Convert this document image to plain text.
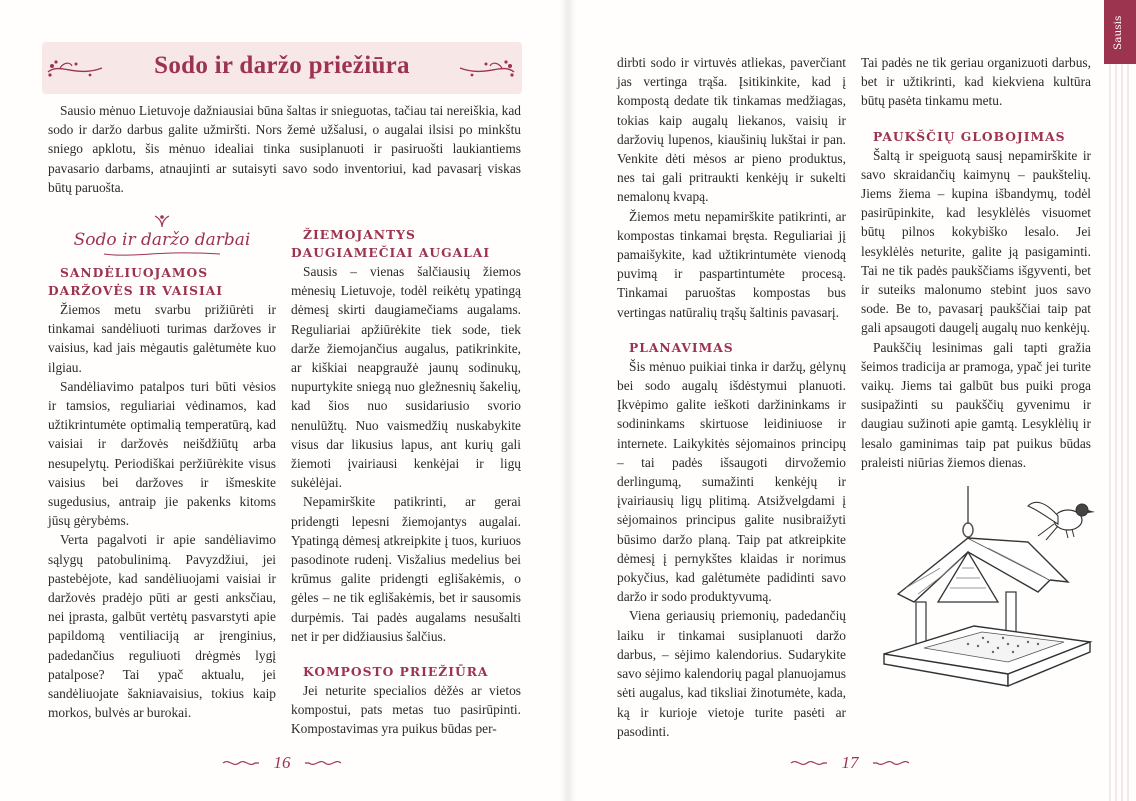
Sodo ir daržo priežiūra

Sausio mėnuo Lietuvoje dažniausiai būna šaltas ir snieguotas, tačiau tai nereiškia, kad sodo ir daržo darbus galite užmiršti. Nors žemė užšalusi, o augalai ilsisi po minkštu sniego apklotu, šis mėnuo idealiai tinka susiplanuoti ir pasiruošti laukiantiems pavasario darbams, atnaujinti ar sutaisyti savo sodo inventoriui, kad pavasarį viskas būtų paruošta.

Sodo ir daržo darbai

SANDĖLIUOJAMOS DARŽOVĖS IR VAISIAI

Žiemos metu svarbu prižiūrėti ir tinkamai sandėliuoti turimas daržoves ir vaisius, kad jais mėgautis galėtumėte kuo ilgiau.

Sandėliavimo patalpos turi būti vėsios ir tamsios, reguliariai vėdinamos, kad užtikrintumėte optimalią temperatūrą, kad vaisiai ir daržovės neišdžiūtų arba nesupelytų. Periodiškai peržiūrėkite visus vaisius bei daržoves ir išmeskite sugedusius, antraip jie pakenks kitoms jūsų gėrybėms.

Verta pagalvoti ir apie sandėliavimo sąlygų patobulinimą. Pavyzdžiui, jei pastebėjote, kad sandėliuojami vaisiai ir daržovės pradėjo pūti ar gesti anksčiau, nei įprasta, galbūt vertėtų pasvarstyti apie papildomą ventiliaciją ar įrenginius, padedančius reguliuoti drėgmės lygį patalpose? Tai ypač aktualu, jei sandėliuojate šakniavaisius, tokius kaip morkos, bulvės ar burokai.

ŽIEMOJANTYS DAUGIAMEČIAI AUGALAI

Sausis – vienas šalčiausių žiemos mėnesių Lietuvoje, todėl reikėtų ypatingą dėmesį skirti daugiamečiams augalams. Reguliariai apžiūrėkite tiek sode, tiek darže žiemojančius augalus, patikrinkite, ar kiškiai neapgraužė jaunų sodinukų, nupurtykite sniegą nuo gležnesnių šakelių, kad šios nuo susidariusio svorio nenulūžtų. Nuo vaismedžių nuskabykite visus dar likusius lapus, ant kurių gali žiemoti įvairiausi kenkėjai ir ligų sukėlėjai.

Nepamirškite patikrinti, ar gerai pridengti lepesni žiemojantys augalai. Ypatingą dėmesį atkreipkite į tuos, kuriuos pasodinote rudenį. Visžalius medelius bei krūmus galite pridengti eglišakėmis, o gėles – ne tik eglišakėmis, bet ir sausomis durpėmis. Tai padės augalams nesušalti net ir per didžiausius šalčius.

KOMPOSTO PRIEŽIŪRA

Jei neturite specialios dėžės ar vietos kompostui, pats metas tuo pasirūpinti. Kompostavimas yra puikus būdas per-

16

dirbti sodo ir virtuvės atliekas, paverčiant jas vertinga trąša. Įsitikinkite, kad į kompostą dedate tik tinkamas medžiagas, tokias kaip augalų liekanos, vaisių ir daržovių lupenos, kiaušinių lukštai ir pan. Venkite dėti mėsos ar pieno produktus, nes tai gali pritraukti kenkėjų ir sukelti nemalonų kvapą.

Žiemos metu nepamirškite patikrinti, ar kompostas tinkamai bręsta. Reguliariai jį pamaišykite, kad užtikrintumėte vienodą puvimą ir paspartintumėte procesą. Tinkamai paruoštas kompostas bus vertingas natūralių trąšų šaltinis pavasarį.

PLANAVIMAS

Šis mėnuo puikiai tinka ir daržų, gėlynų bei sodo augalų išdėstymui planuoti. Įkvėpimo galite ieškoti daržininkams ir sodininkams skirtuose leidiniuose ir internete. Laikykitės sėjomainos principų – tai padės išsaugoti dirvožemio derlingumą, sumažinti kenkėjų ir įvairiausių ligų plitimą. Atsižvelgdami į sėjomainos principus galite nusibraižyti būsimo daržo planą. Taip pat atkreipkite dėmesį į pernykštes klaidas ir norimus pokyčius, kad galėtumėte padidinti savo daržo ir sodo produktyvumą.

Viena geriausių priemonių, padedančių laiku ir tinkamai susiplanuoti daržo darbus, – sėjimo kalendorius. Sudarykite savo sėjimo kalendorių pagal planuojamus sėti augalus, kad tiksliai žinotumėte, kada, ką ir kurioje vietoje turite pasėti ar pasodinti.

Tai padės ne tik geriau organizuoti darbus, bet ir užtikrinti, kad kiekviena kultūra būtų pasėta tinkamu metu.

PAUKŠČIŲ GLOBOJIMAS

Šaltą ir speiguotą sausį nepamirškite ir savo skraidančių kaimynų – paukštelių. Jiems žiema – kupina išbandymų, todėl pasirūpinkite, kad lesyklėlės visuomet būtų pilnos kokybiško lesalo. Jei lesyklėlės neturite, galite ją pasigaminti. Tai ne tik padės paukščiams išgyventi, bet ir suteiks malonumo stebint juos savo sode. Be to, pavasarį paukščiai taip pat gali apsaugoti daugelį augalų nuo kenkėjų.

Paukščių lesinimas gali tapti gražia šeimos tradicija ar pramoga, ypač jei turite vaikų. Jiems tai galbūt bus puiki proga susipažinti su paukščių gyvenimu ir daugiau sužinoti apie gamtą. Lesyklėlių ir lesalo gaminimas taip pat puikus būdas praleisti niūrias žiemos dienas.

17
Sausis
